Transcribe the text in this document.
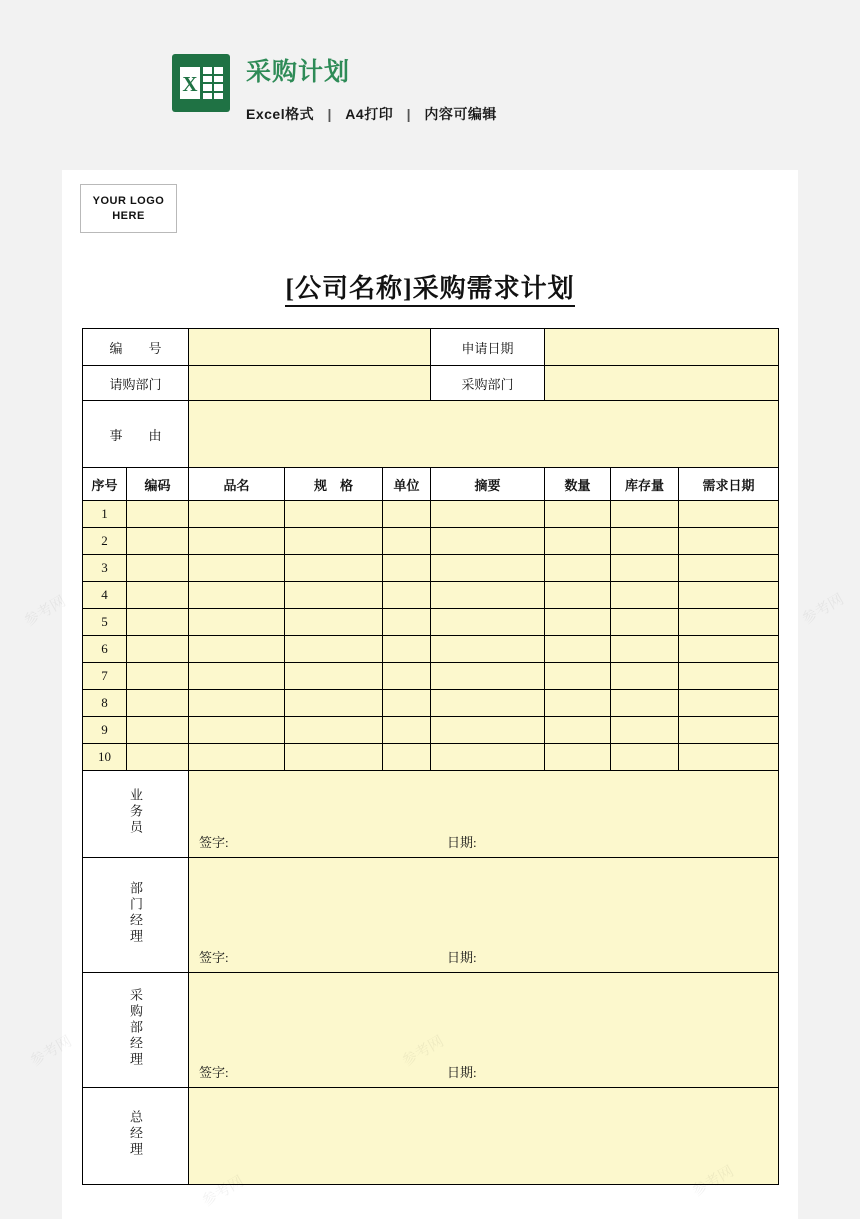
X 采购计划
Excel格式 | A4打印 | 内容可编辑
YOUR LOGO
HERE
[公司名称]采购需求计划
编　　号					申请日期			
请购部门					采购部门			
事　　由								
序号	编码	品名	规　格	单位	摘要	数量	库存量	需求日期
1								
2								
3								
4								
5								
6								
7								
8								
9								
10								
业务员		签字: 日期:						

部门经理		签字: 日期:						

采购部经理		签字: 日期:						

总经理								
参考网	参考网
参考网
